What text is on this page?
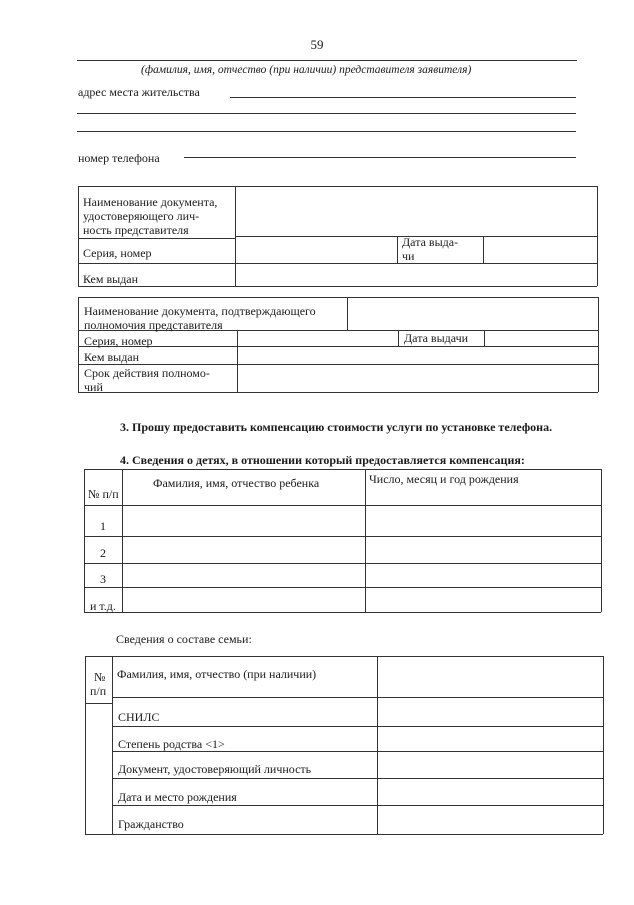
59
(фамилия, имя, отчество (при наличии) представителя заявителя)
адрес места жительства
номер телефона
Наименование документа,
удостоверяющего лич-
ность представителя
Серия, номер
Дата выда-
чи
Кем выдан
Наименование документа, подтверждающего
полномочия представителя
Серия, номер	Дата выдачи
Кем выдан
Срок действия полномо-
чий
3. Прошу предоставить компенсацию стоимости услуги по установке телефона.
4. Сведения о детях, в отношении который предоставляется компенсация:
№ п/п
Фамилия, имя, отчество ребенка	Число, месяц и год рождения
1
2
3
и т.д.
Сведения о составе семьи:
№
п/п
Фамилия, имя, отчество (при наличии)
СНИЛС
Степень родства <1>
Документ, удостоверяющий личность
Дата и место рождения
Гражданство
